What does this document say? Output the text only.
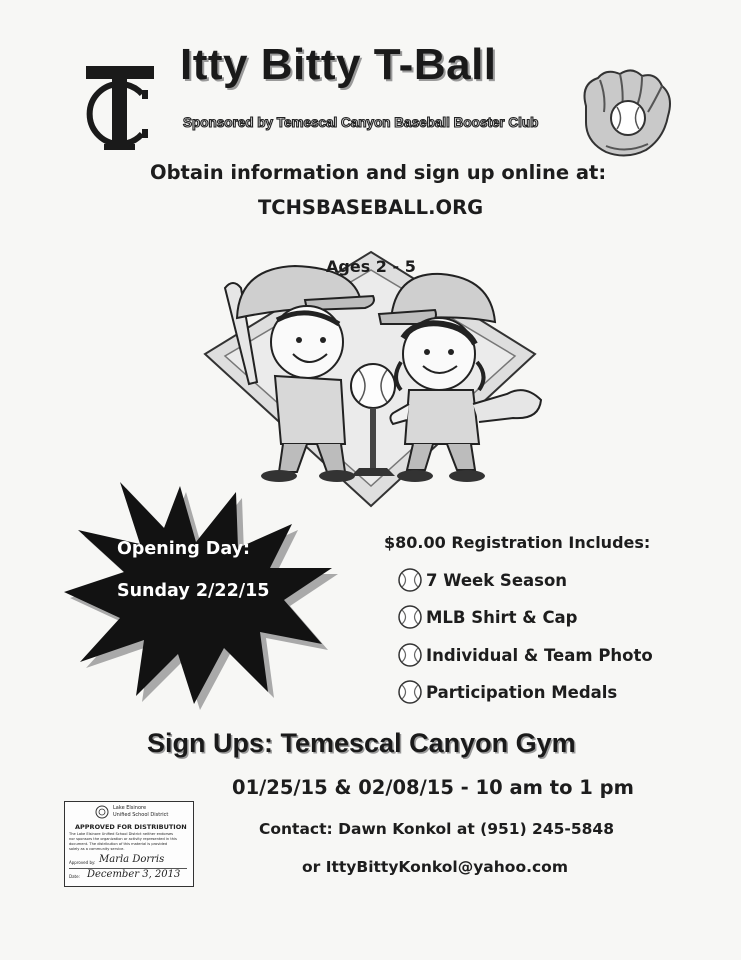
Itty Bitty T-Ball
Sponsored by Temescal Canyon Baseball Booster Club
Obtain information and sign up online at:
TCHSBASEBALL.ORG
Ages 2 - 5
Opening Day:
Sunday 2/22/15
$80.00 Registration Includes:
7 Week Season
MLB Shirt & Cap
Individual & Team Photo
Participation Medals
Sign Ups: Temescal Canyon Gym
01/25/15 & 02/08/15 - 10 am to 1 pm
Contact: Dawn Konkol at (951) 245-5848
or IttyBittyKonkol@yahoo.com
Lake Elsinore
Unified School District
APPROVED FOR DISTRIBUTION
The Lake Elsinore Unified School District neither endorses
nor sponsors the organization or activity represented in this
document. The distribution of this material is provided
solely as a community service.
Approved by: Marla Dorris
Date: December 3, 2013
